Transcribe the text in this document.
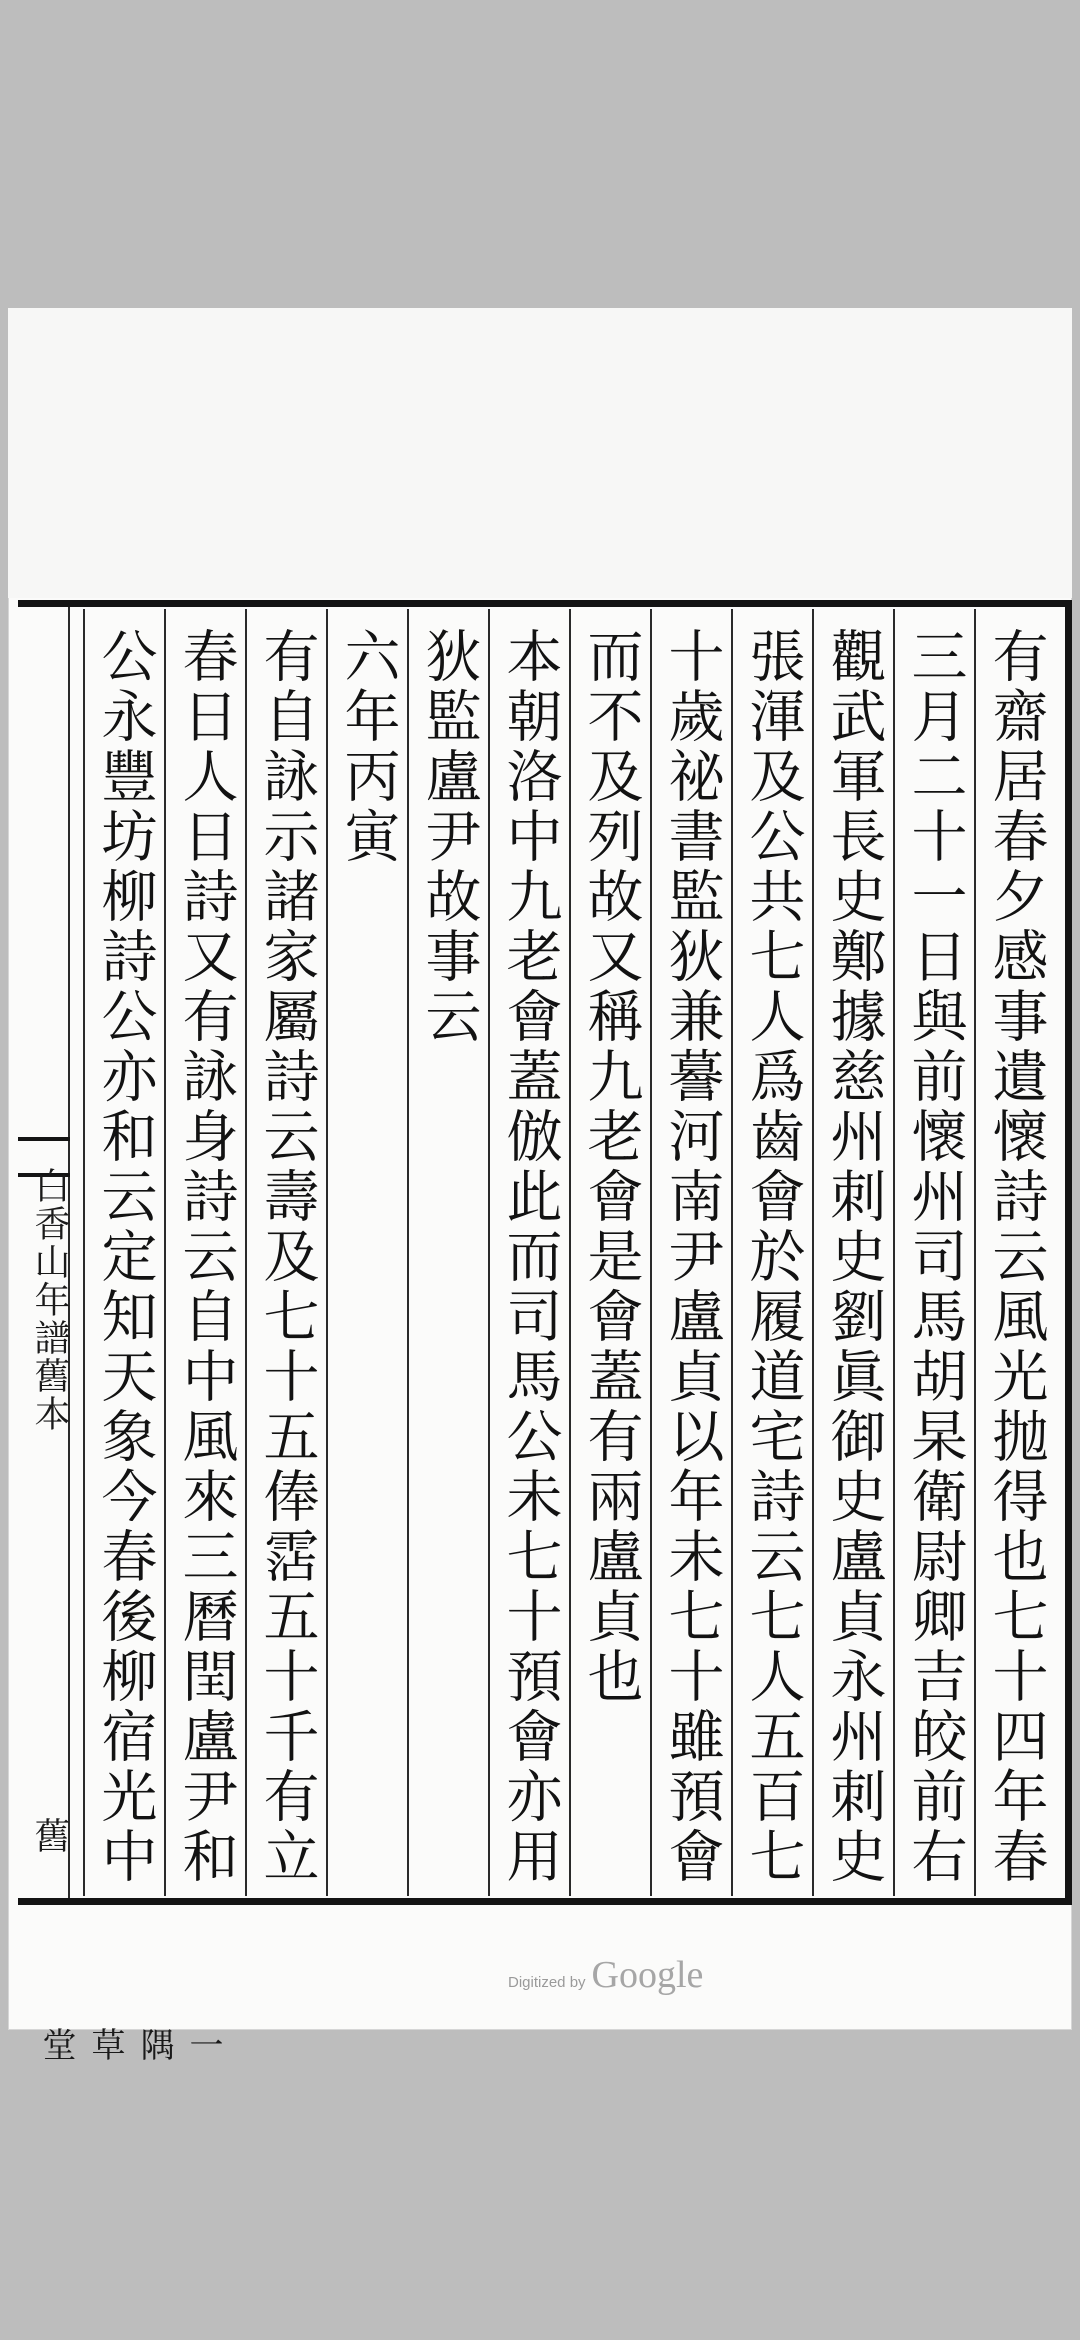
有齋居春夕感事遺懷詩云風光抛得也七十四年春
三月二十一日與前懷州司馬胡杲衛尉卿吉皎前右
觀武軍長史鄭據慈州刺史劉眞御史盧貞永州刺史
張渾及公共七人爲齒會於履道宅詩云七人五百七
十歲祕書監狄兼謩河南尹盧貞以年未七十雖預會
而不及列故又稱九老會是會蓋有兩盧貞也
本朝洛中九老會蓋倣此而司馬公未七十預會亦用
狄監盧尹故事云
六年丙寅
有自詠示諸家屬詩云壽及七十五俸霑五十千有立
春日人日詩又有詠身詩云自中風來三曆閏盧尹和
公永豐坊柳詩公亦和云定知天象今春後柳宿光中
白香山年譜舊本
舊
一隅草堂
Digitized by Google
